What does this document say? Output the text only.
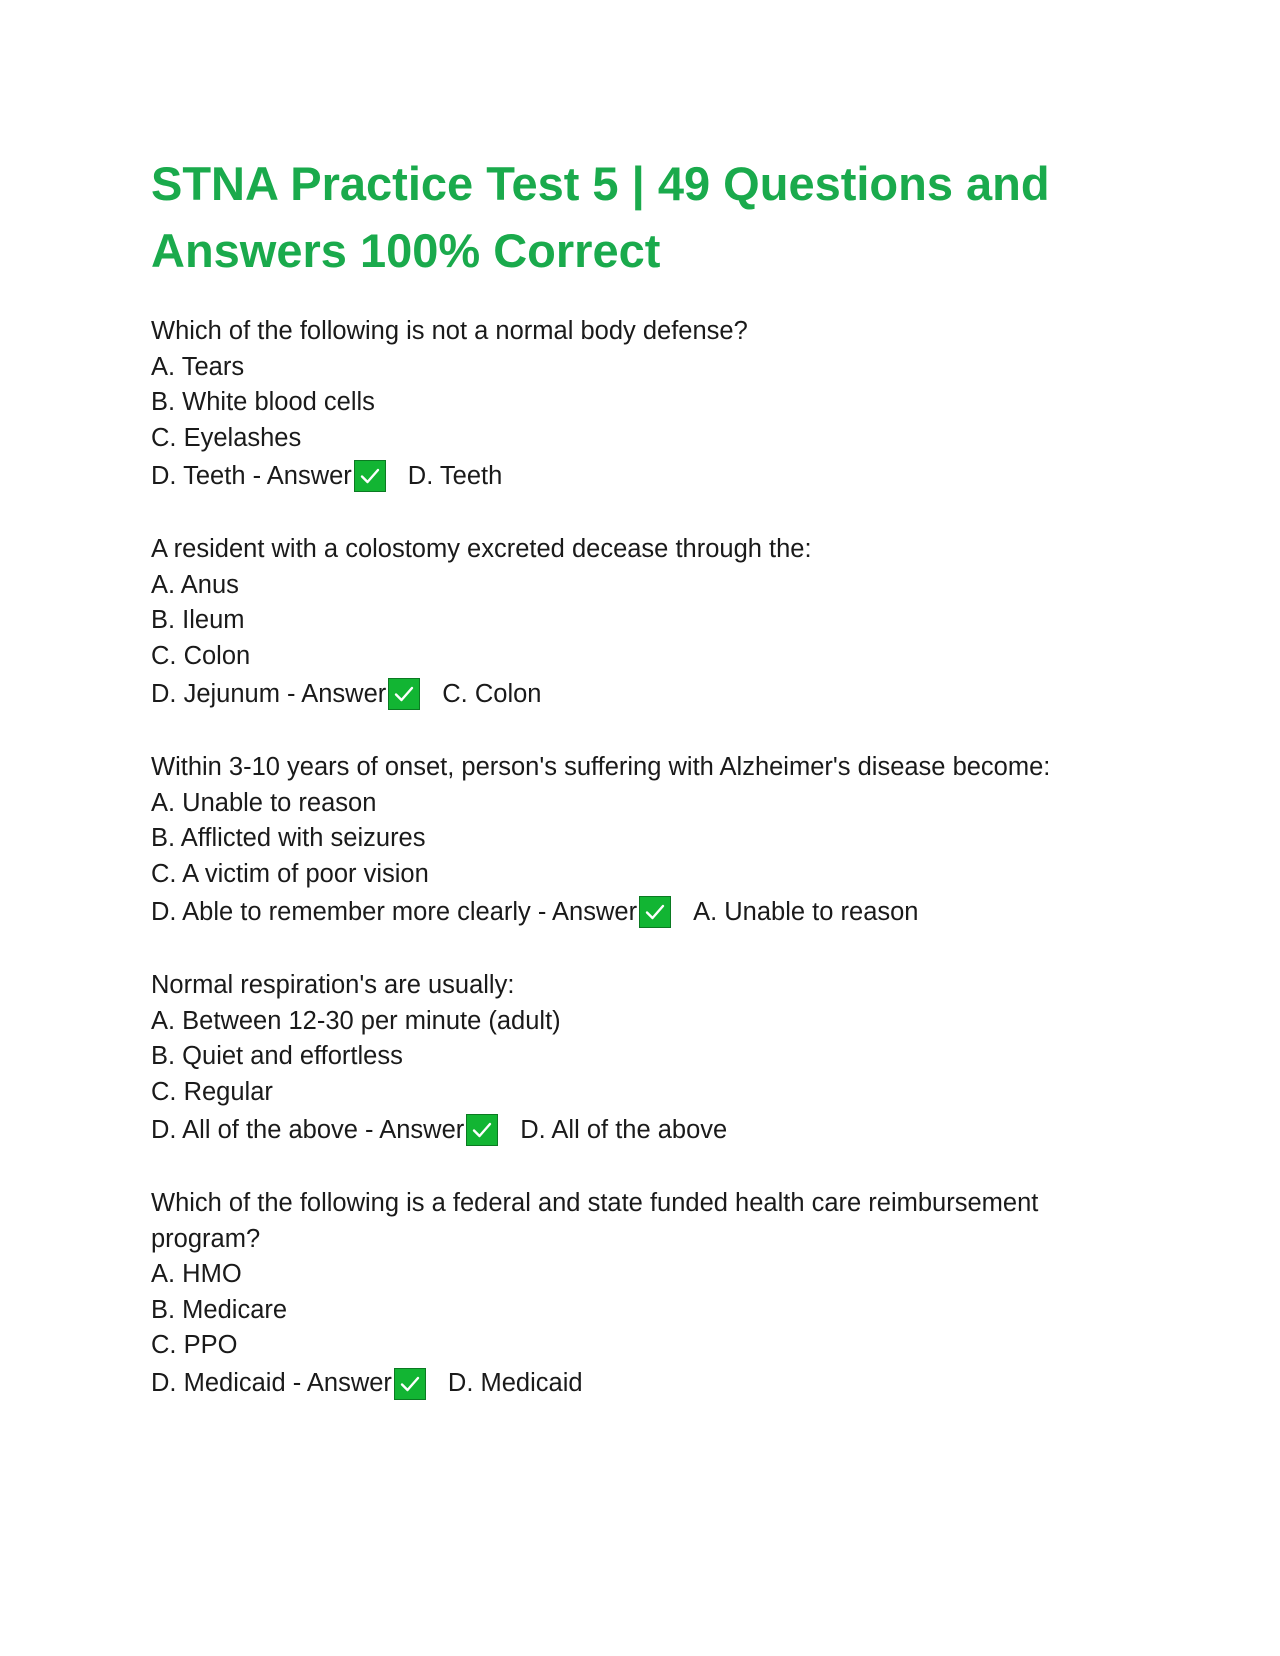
STNA Practice Test 5 | 49 Questions and Answers 100% Correct
Which of the following is not a normal body defense?
A. Tears
B. White blood cells
C. Eyelashes
D. Teeth - Answer D. Teeth
A resident with a colostomy excreted decease through the:
A. Anus
B. Ileum
C. Colon
D. Jejunum - Answer C. Colon
Within 3-10 years of onset, person's suffering with Alzheimer's disease become:
A. Unable to reason
B. Afflicted with seizures
C. A victim of poor vision
D. Able to remember more clearly - Answer A. Unable to reason
Normal respiration's are usually:
A. Between 12-30 per minute (adult)
B. Quiet and effortless
C. Regular
D. All of the above - Answer D. All of the above
Which of the following is a federal and state funded health care reimbursement program?
A. HMO
B. Medicare
C. PPO
D. Medicaid - Answer D. Medicaid
